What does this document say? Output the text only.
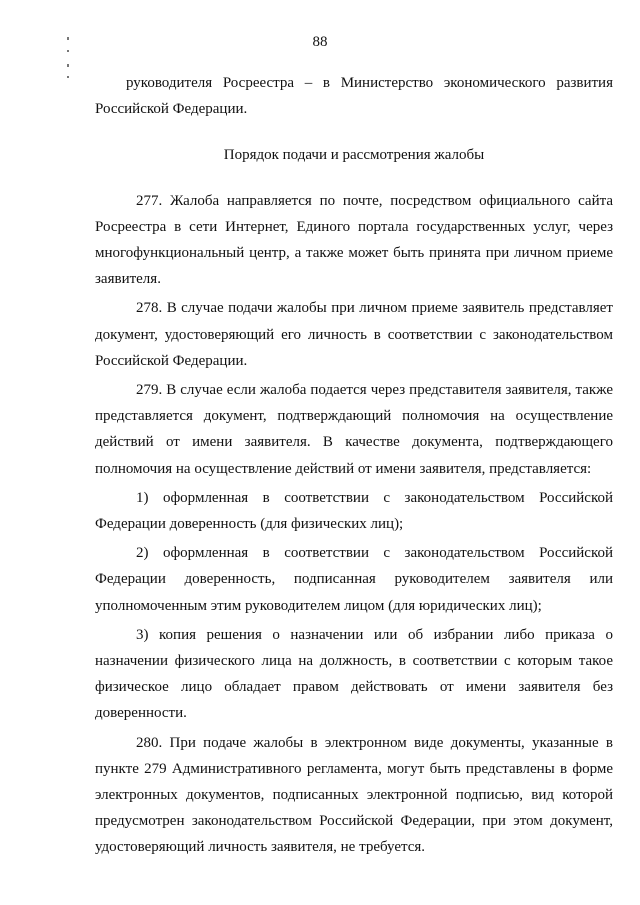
88

руководителя Росреестра – в Министерство экономического развития Российской Федерации.

Порядок подачи и рассмотрения жалобы

277. Жалоба направляется по почте, посредством официального сайта Росреестра в сети Интернет, Единого портала государственных услуг, через многофункциональный центр, а также может быть принята при личном приеме заявителя.

278. В случае подачи жалобы при личном приеме заявитель представляет документ, удостоверяющий его личность в соответствии с законодательством Российской Федерации.

279. В случае если жалоба подается через представителя заявителя, также представляется документ, подтверждающий полномочия на осуществление действий от имени заявителя. В качестве документа, подтверждающего полномочия на осуществление действий от имени заявителя, представляется:

1) оформленная в соответствии с законодательством Российской Федерации доверенность (для физических лиц);

2) оформленная в соответствии с законодательством Российской Федерации доверенность, подписанная руководителем заявителя или уполномоченным этим руководителем лицом (для юридических лиц);

3) копия решения о назначении или об избрании либо приказа о назначении физического лица на должность, в соответствии с которым такое физическое лицо обладает правом действовать от имени заявителя без доверенности.

280. При подаче жалобы в электронном виде документы, указанные в пункте 279 Административного регламента, могут быть представлены в форме электронных документов, подписанных электронной подписью, вид которой предусмотрен законодательством Российской Федерации, при этом документ, удостоверяющий личность заявителя, не требуется.
